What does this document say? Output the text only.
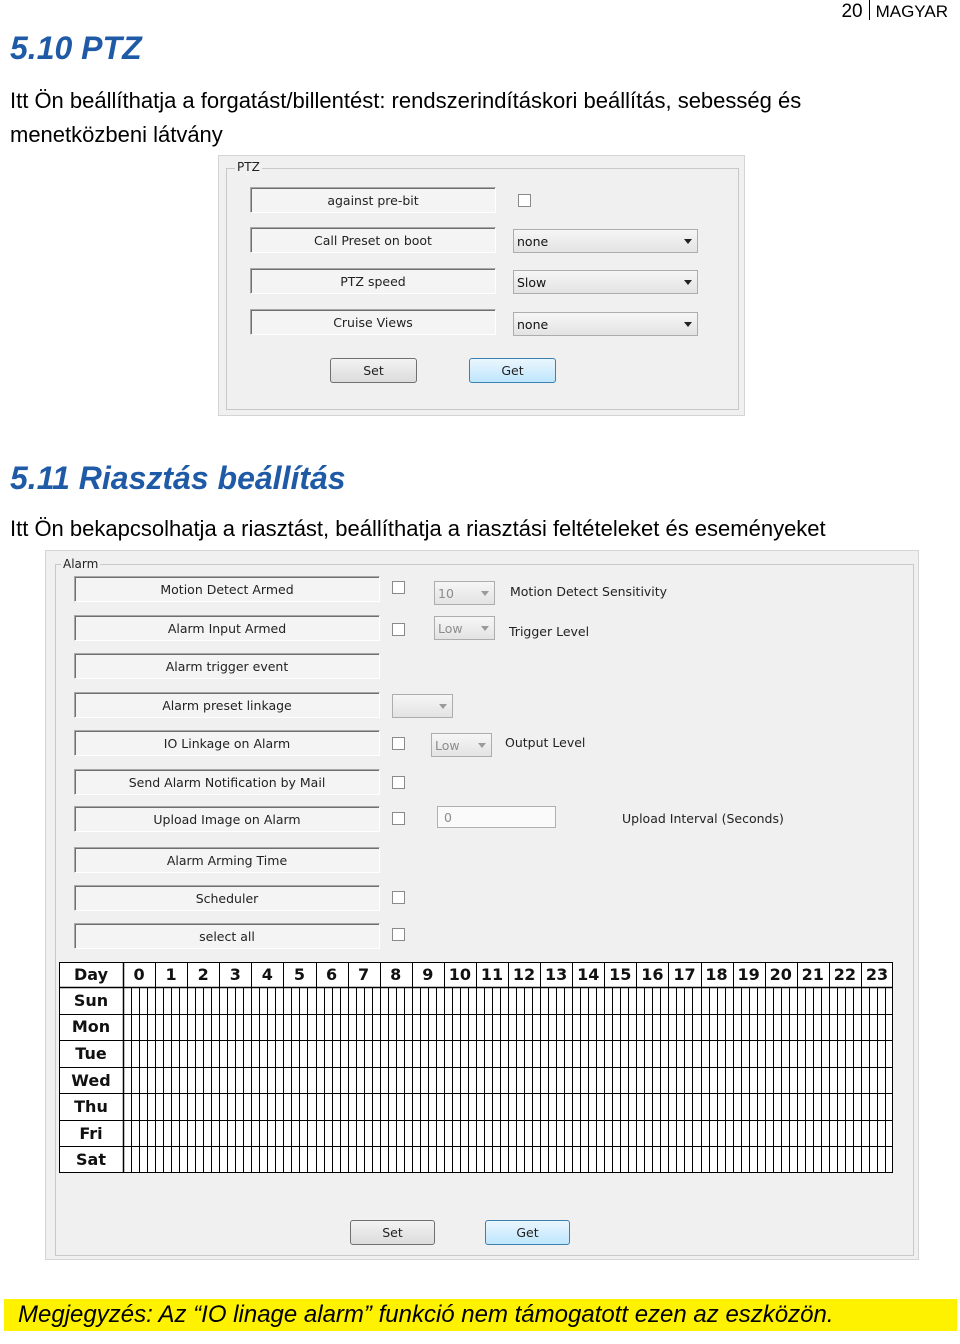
20 MAGYAR
5.10 PTZ
Itt Ön beállíthatja a forgatást/billentést: rendszerindításkori beállítás, sebesség és
menetközbeni látvány
PTZ
against pre-bit
Call Preset on boot	none
PTZ speed	Slow
Cruise Views	none
Set	Get
5.11 Riasztás beállítás
Itt Ön bekapcsolhatja a riasztást, beállíthatja a riasztási feltételeket és eseményeket
Alarm
Motion Detect Armed	10	Motion Detect Sensitivity
Alarm Input Armed	Low	Trigger Level
Alarm trigger event
Alarm preset linkage
IO Linkage on Alarm	Low	Output Level
Send Alarm Notification by Mail
Upload Image on Alarm	0	Upload Interval (Seconds)
Alarm Arming Time
Scheduler
select all
Day	0	1	2	3	4	5	6	7	8	9 10 11 12 13 14 15 16 17 18 19 20 21 22 23
Sun
Mon
Tue
Wed
Thu
Fri
Sat
Set	Get
Megjegyzés: Az “IO linage alarm” funkció nem támogatott ezen az eszközön.
